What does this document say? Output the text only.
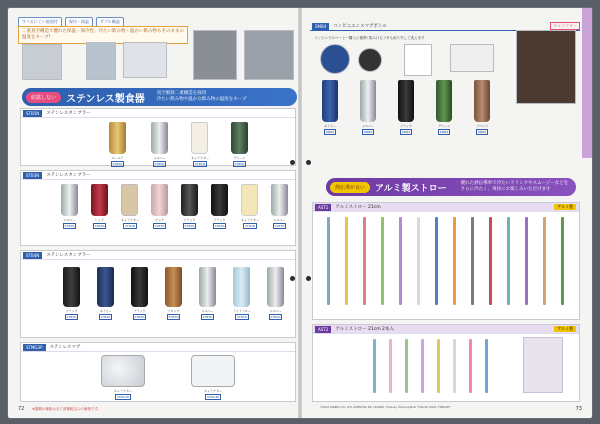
すべるにくい底面付	保冷・保温	ダブル構造
二重真空構造で優れた保温・保冷性。冷たい飲み物・温かい飲み物もそのままの温度をキープ!
結露しない	ステンレス製食器	真空断熱二重構造を採用
冷たい飲み物や温かな飲み物の温度をキープ
STB5N	ステンレスタンブラー
ゴールド
STB5N
シルバー
STB5N
キャラクター
STB5N
グリーン
STB5N
STB3N	ステンレスタンブラー
シルバー
STB3N
レッド
STB3N
キャラクター
STB3N
ピンク
STB3N
ブラック
STB3N
ブラック
STB3N
キャラクター
STB3N
シルバー
STB3N
STB4N	ステンレスタンブラー
ブラック
STB4N
ネイビー
STB4N
ブラック
STB4N
ブロンズ
STB4N
シルバー
STB4N
ライトブルー
STB4N
シルバー
STB4N
STMG3P	ステンレスマグ
キャラクター
STMG3P
キャラクター
STMG3P
72 ※掲載の価格は全て消費税込みの価格です。
SMB4	コンビニエンスマグボトル	キャラクター
コンビニでのコーヒー購入に便利! 飲み口もフタも取り外して洗えます
ネイビー
SMB4
シルバー
SMB4
ブラック
SMB4
グリーン
SMB4
ブロンズ
SMB4
熱伝導が良い	アルミ製ストロー	優れた熱伝導率で冷たいドリンクやスムージーなどを
さらに冷たく、爽快にお楽しみいただけます
AST1	アルミストロー 21cm	アルミ製
AST2	アルミストロー 21cm 2本入	アルミ製
©2022 SANRIO CO., LTD. APPROVAL NO. L630901 ©Disney ©Disney/Pixar ©Studio Ghibli ©SNOOPY	73
